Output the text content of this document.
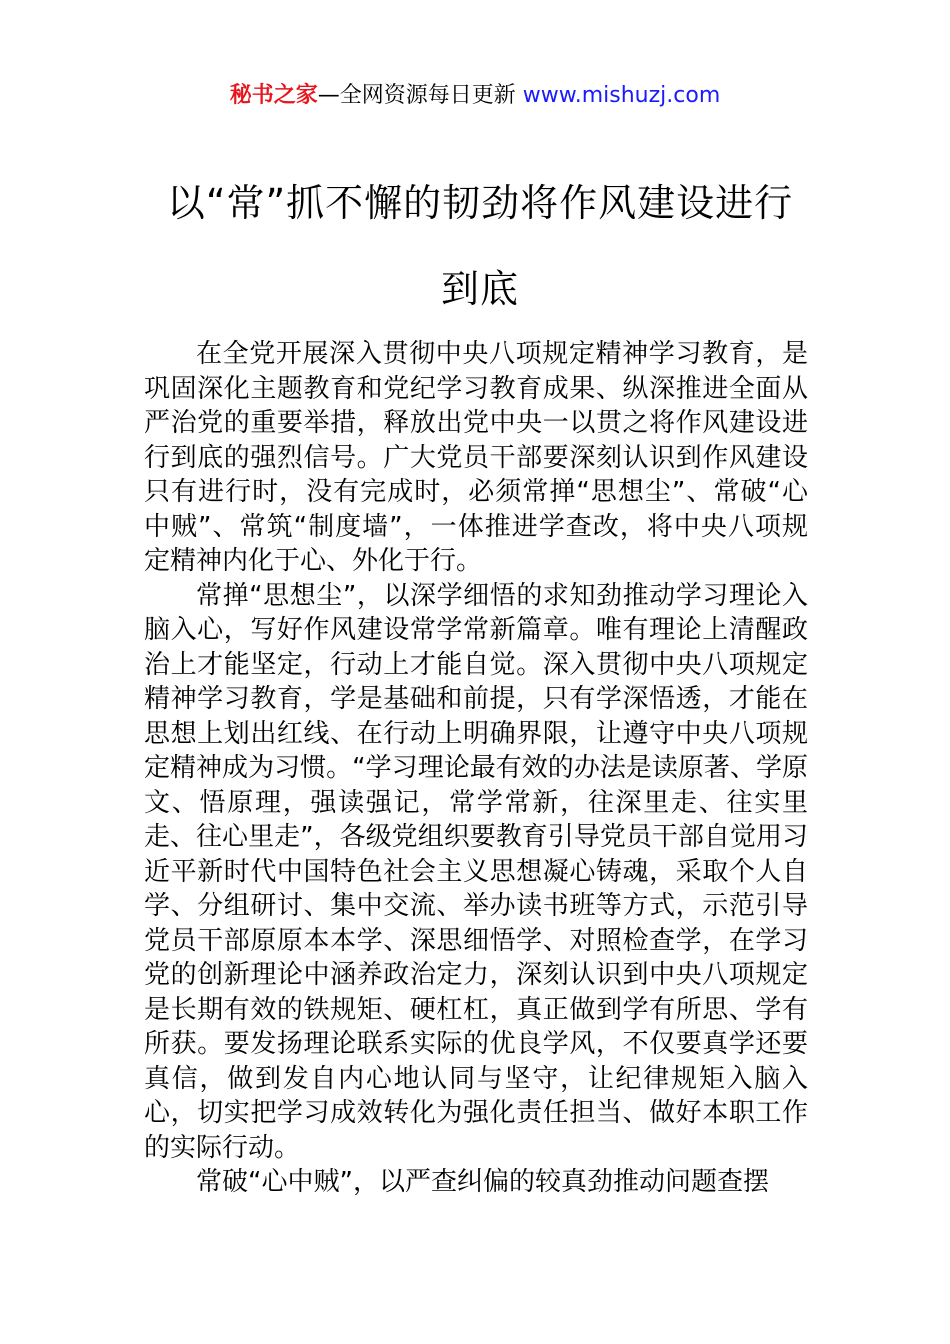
秘书之家—全网资源每日更新 www.mishuzj.com
以“常”抓不懈的韧劲将作风建设进行到底

在全党开展深入贯彻中央八项规定精神学习教育，是巩固深化主题教育和党纪学习教育成果、纵深推进全面从严治党的重要举措，释放出党中央一以贯之将作风建设进行到底的强烈信号。广大党员干部要深刻认识到作风建设只有进行时，没有完成时，必须常掸“思想尘”、常破“心中贼”、常筑“制度墙”，一体推进学查改，将中央八项规定精神内化于心、外化于行。

常掸“思想尘”，以深学细悟的求知劲推动学习理论入脑入心，写好作风建设常学常新篇章。唯有理论上清醒政治上才能坚定，行动上才能自觉。深入贯彻中央八项规定精神学习教育，学是基础和前提，只有学深悟透，才能在思想上划出红线、在行动上明确界限，让遵守中央八项规定精神成为习惯。“学习理论最有效的办法是读原著、学原文、悟原理，强读强记，常学常新，往深里走、往实里走、往心里走”，各级党组织要教育引导党员干部自觉用习近平新时代中国特色社会主义思想凝心铸魂，采取个人自学、分组研讨、集中交流、举办读书班等方式，示范引导党员干部原原本本学、深思细悟学、对照检查学，在学习党的创新理论中涵养政治定力，深刻认识到中央八项规定是长期有效的铁规矩、硬杠杠，真正做到学有所思、学有所获。要发扬理论联系实际的优良学风，不仅要真学还要真信，做到发自内心地认同与坚守，让纪律规矩入脑入心，切实把学习成效转化为强化责任担当、做好本职工作的实际行动。

常破“心中贼”，以严查纠偏的较真劲推动问题查摆
